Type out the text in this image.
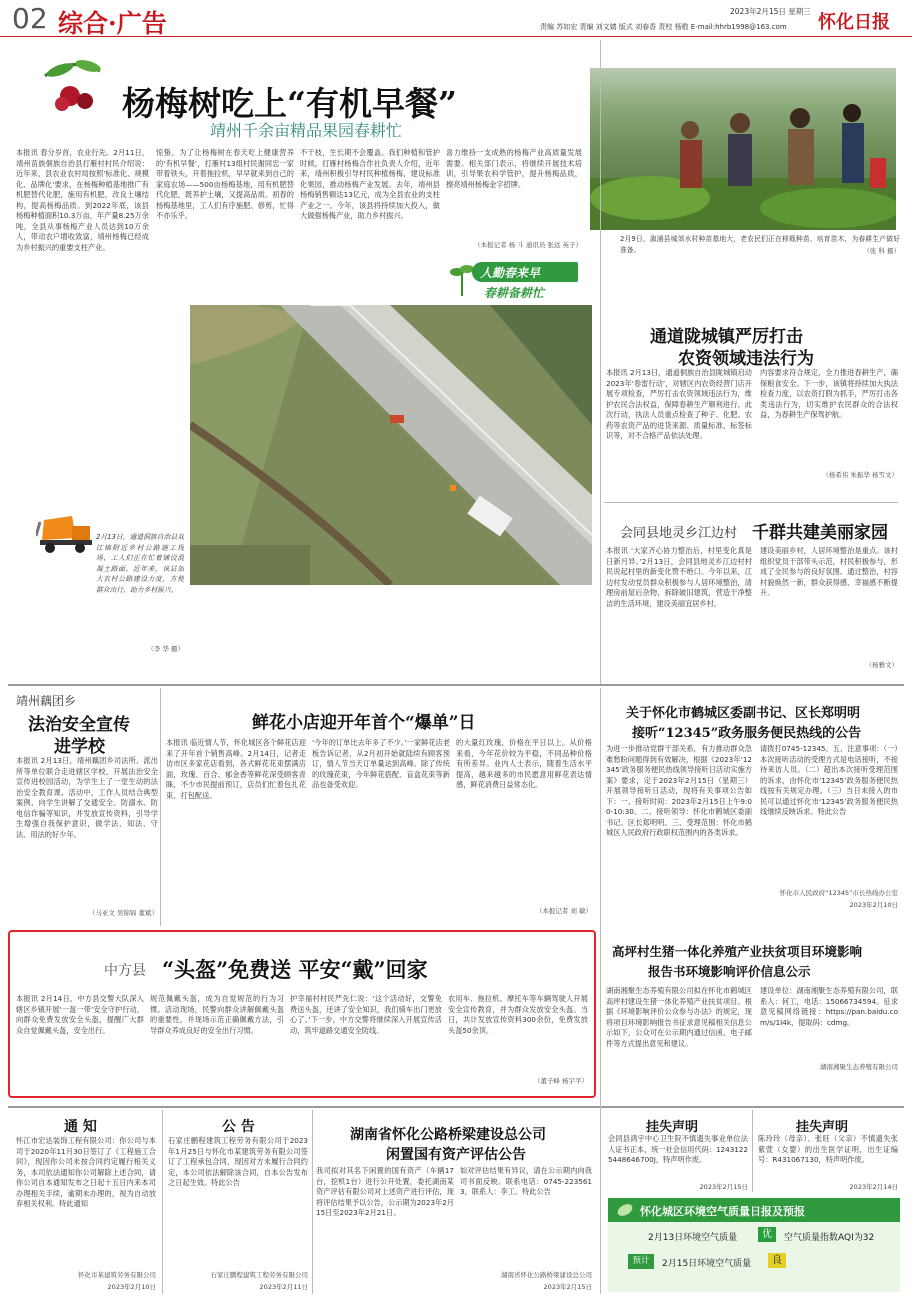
02 综合·广告	2023年2月15日 星期三
责编 苏如宏 责编 刘文婧 版式 刘春香 责校 杨敬 E-mail:hhrb1998@163.com	怀化日报
杨梅树吃上“有机早餐”
靖州千余亩精品果园春耕忙
本报讯 春分岁首，农业行先。2月11日，靖州苗族侗族自治县打雁村村民介绍说：近年来，县农业农村局按照'标准化、规模化、品牌化'要求，在杨梅种植基地推广有机肥替代化肥，施用有机肥，改良土壤结构，提高杨梅品质。到2022年底，该县杨梅种植面积10.3万亩，年产量8.25万余吨，全县从事杨梅产业人员达到10万余人，带动农户增收致富，靖州杨梅已经成为乡村振兴的重要支柱产业。
惊蛰。为了让杨梅树在春天吃上健康营养的‘有机早餐’，打雁村13组村民谢同忠一家带着铁头，开着拖拉机，早早就来到自己的家庭农场——500亩杨梅基地，用有机肥替代化肥，既养护土壤，又提高品质。初春的杨梅基地里，工人们有序施肥、修剪，忙得不亦乐乎。
不干枝，生长期不会覆盖。我们种植和管护时候，打雁村杨梅合作社负责人介绍，近年来，靖州积极引导村民种植杨梅，建设标准化果园，推动杨梅产业发展。去年，靖州县杨梅销售额达13亿元，成为全县农业的支柱产业之一。今年，该县将持续加大投入，做大做强杨梅产业，助力乡村振兴。
喜力维持一支成熟的杨梅产业高质量发展需要。相关部门表示，将继续开展技术培训，引导果农科学管护，提升杨梅品质，擦亮靖州杨梅金字招牌。
（本报记者 杨 斗 通讯员 张远 英子）
人勤春来早
春耕备耕忙
2月9日，溆浦县城郊水村种苗基地大，老农民们正在移栽种苗、培育苗木，为春耕生产做好准备。	（张 科 摄）
2月13日，通道侗族自治县双江镇附近乡村公路施工现场，工人们正在忙着铺设混凝土路面。近年来，该县加大农村公路建设力度，方便群众出行，助力乡村振兴。
（李 华 摄）
通道陇城镇严厉打击
农资领域违法行为
本报讯 2月13日，通道侗族自治县陇城镇启动2023年‘春雷行动’，对辖区内农资经营门店开展专项检查，严厉打击农资领域违法行为，维护农民合法权益，保障春耕生产顺利进行。此次行动，执法人员重点检查了种子、化肥、农药等农资产品的进货来源、质量标准、标签标识等，对不合格产品依法处理。
内容要求符合规定，全力推进春耕生产，确保粮食安全。下一步，该镇将持续加大执法检查力度，以农资打假为抓手，严厉打击各类违法行为，切实维护农民群众的合法权益，为春耕生产保驾护航。
（杨希伟 朱振华 杨雪文）
会同县地灵乡江边村 千群共建美丽家园
本报讯 ‘大家齐心协力整治后，村里变化真是日新月异。’2月13日，会同县地灵乡江边村村民说起村里的新变化赞不绝口。今年以来，江边村发动党员群众积极参与人居环境整治，清理房前屋后杂物，拆除破旧建筑，营造干净整洁的生活环境，建设美丽宜居乡村。
建设美丽乡村，人居环境整治是重点。该村组织党员干部带头示范，村民积极参与，形成了全民参与的良好氛围。通过整治，村容村貌焕然一新，群众获得感、幸福感不断提升。
（杨雅文）
靖州藕团乡
法治安全宣传
进学校
本报讯 2月13日，靖州藕团乡司法所、派出所等单位联合走进辖区学校，开展法治安全宣传进校园活动，为学生上了一堂生动的法治安全教育课。活动中，工作人员结合典型案例，向学生讲解了交通安全、防溺水、防电信诈骗等知识，并发放宣传资料，引导学生增强自我保护意识，做学法、知法、守法、用法的好少年。
（马亚文 吴锦锦 董斌）
鲜花小店迎开年首个“爆单”日
本报讯 临近情人节，怀化城区各个鲜花店迎来了开年首个销售高峰。2月14日，记者走访市区多家花店看到，各式鲜花花束摆满店面，玫瑰、百合、郁金香等鲜花深受顾客青睐，不少市民提前预订，店员们忙着包扎花束、打包配送。
‘今年的订单比去年多了不少。’一家鲜花店老板告诉记者，从2月初开始就陆续有顾客预订，情人节当天订单量达到高峰。除了传统的玫瑰花束，今年鲜花搭配、盲盒花束等新品也备受欢迎。
的大量红玫瑰，价格在平日以上。从价格来看，今年花价较为平稳，不同品种价格有所差异。业内人士表示，随着生活水平提高，越来越多的市民愿意用鲜花表达情感，鲜花消费日益常态化。
（本报记者 刘 敏）
关于怀化市鹤城区委副书记、区长郑明明
接听“12345”政务服务便民热线的公告
为进一步推动党群干部关系，有力推动群众急难愁盼问题得到有效解决，根据《2023年‘12345’政务服务便民热线领导接听日活动实施方案》要求，定于2023年2月15日（星期三）开展领导接听日活动，现将有关事项公告如下：一、接听时间：2023年2月15日上午9:00-10:30。二、接听领导：怀化市鹤城区委副书记、区长郑明明。三、受理范围：怀化市鹤城区人民政府行政职权范围内的各类诉求。
请拨打0745-12345。五、注意事项：（一）本次接听活动的受理方式是电话接听，不接待来访人员。（二）超出本次接听受理范围的诉求，由怀化市‘12345’政务服务便民热线按有关规定办理。（三）当日未接入的市民可以通过怀化市‘12345’政务服务便民热线继续反映诉求。特此公告
怀化市人民政府“12345”市长热线办公室
2023年2月10日
中方县 “头盔”免费送 平安“戴”回家
本报讯 2月14日，中方县交警大队深入辖区乡镇开展‘一盔一带’安全守护行动，向群众免费发放安全头盔，提醒广大群众自觉佩戴头盔，安全出行。
规范佩戴头盔，成为自觉规范的行为习惯。活动现场，民警向群众讲解佩戴头盔的重要性，并现场示范正确佩戴方法，引导群众养成良好的安全出行习惯。
护幸福村村民严先仁说：‘这个活动好，交警免费送头盔，还讲了安全知识，我们骑车出门更放心了。’下一步，中方交警将继续深入开展宣传活动，筑牢道路交通安全防线。
农用车、拖拉机、摩托车等车辆驾驶人开展安全宣传教育，并为群众发放安全头盔。当日，共计发放宣传资料300余份，免费发放头盔50余顶。
（董子峰 杨宇平）
高坪村生猪一体化养殖产业扶贫项目环境影响
报告书环境影响评价信息公示
湖南湘聚生态养殖有限公司拟在怀化市鹤城区高坪村建设生猪一体化养殖产业扶贫项目。根据《环境影响评价公众参与办法》的规定，现将项目环境影响报告书征求意见稿相关信息公示如下，公众可在公示期内通过信函、电子邮件等方式提出意见和建议。
建设单位：湖南湘聚生态养殖有限公司，联系人：何工，电话：15066734594。征求意见稿网络链接：https://pan.baidu.com/s/1I4k，提取码：cdmg。
湖南湘聚生态养殖有限公司
通 知
怀江市宏达装饰工程有限公司：你公司与本司于2020年11月30日签订了《工程施工合同》，现因你公司未按合同约定履行相关义务，本司依法通知你公司解除上述合同，请你公司自本通知发布之日起十五日内来本司办理相关手续，逾期未办理的，视为自动放弃相关权利。特此通知
怀化市某建筑劳务有限公司
2023年2月10日
公 告
石家庄鹏程建筑工程劳务有限公司于2023年1月25日与怀化市某建筑劳务有限公司签订了工程承包合同，现因对方未履行合同约定，本公司依法解除该合同，自本公告发布之日起生效。特此公告
石家庄鹏程建筑工程劳务有限公司
2023年2月11日
湖南省怀化公路桥梁建设总公司
闲置国有资产评估公告
我司拟对其名下闲置的国有资产（车辆17台，挖机1台）进行公开处置，委托湖南某资产评估有限公司对上述资产进行评估，现将评估结果予以公告，公示期为2023年2月15日至2023年2月21日。
如对评估结果有异议，请在公示期内向我司书面反映。联系电话：0745-2235613，联系人：李工。特此公告
湖南省怀化公路桥梁建设总公司
2023年2月15日
挂失声明
会同县鸿宇中心卫生院不慎遗失事业单位法人证书正本，统一社会信用代码：12431225448646700J，特声明作废。
2023年2月15日
挂失声明
陈玲玲（母亲）、张旺（父亲）不慎遗失张紫萱（女婴）的出生医学证明，出生证编号：R431067130，特声明作废。
2023年2月14日
怀化城区环境空气质量日报及预报
2月13日环境空气质量	优	空气质量指数AQI为32
预计	2月15日环境空气质量	良
